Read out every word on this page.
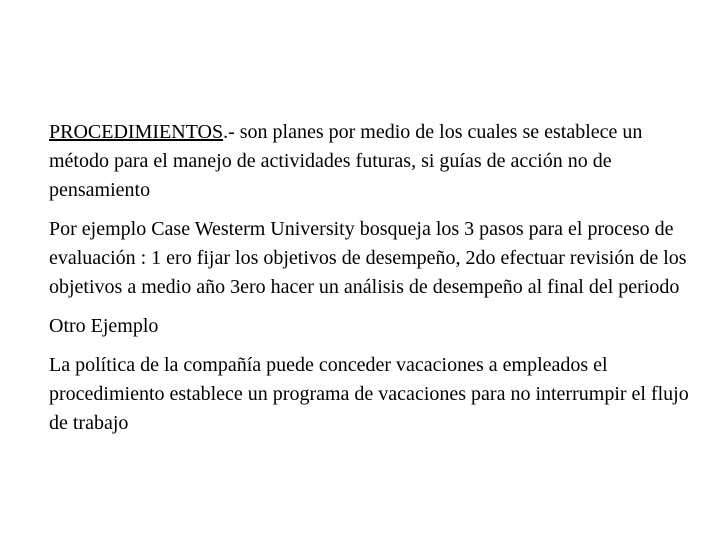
PROCEDIMIENTOS.- son planes por medio de los cuales se establece un método para el manejo de actividades futuras, si guías de acción no de pensamiento

Por ejemplo Case Westerm University bosqueja los 3 pasos para el proceso de evaluación : 1 ero fijar los objetivos de desempeño, 2do efectuar revisión de los objetivos a medio año 3ero hacer un análisis de desempeño al final del periodo

Otro Ejemplo

La política de la compañía puede conceder vacaciones a empleados el procedimiento establece un programa de vacaciones para no interrumpir el flujo de trabajo
